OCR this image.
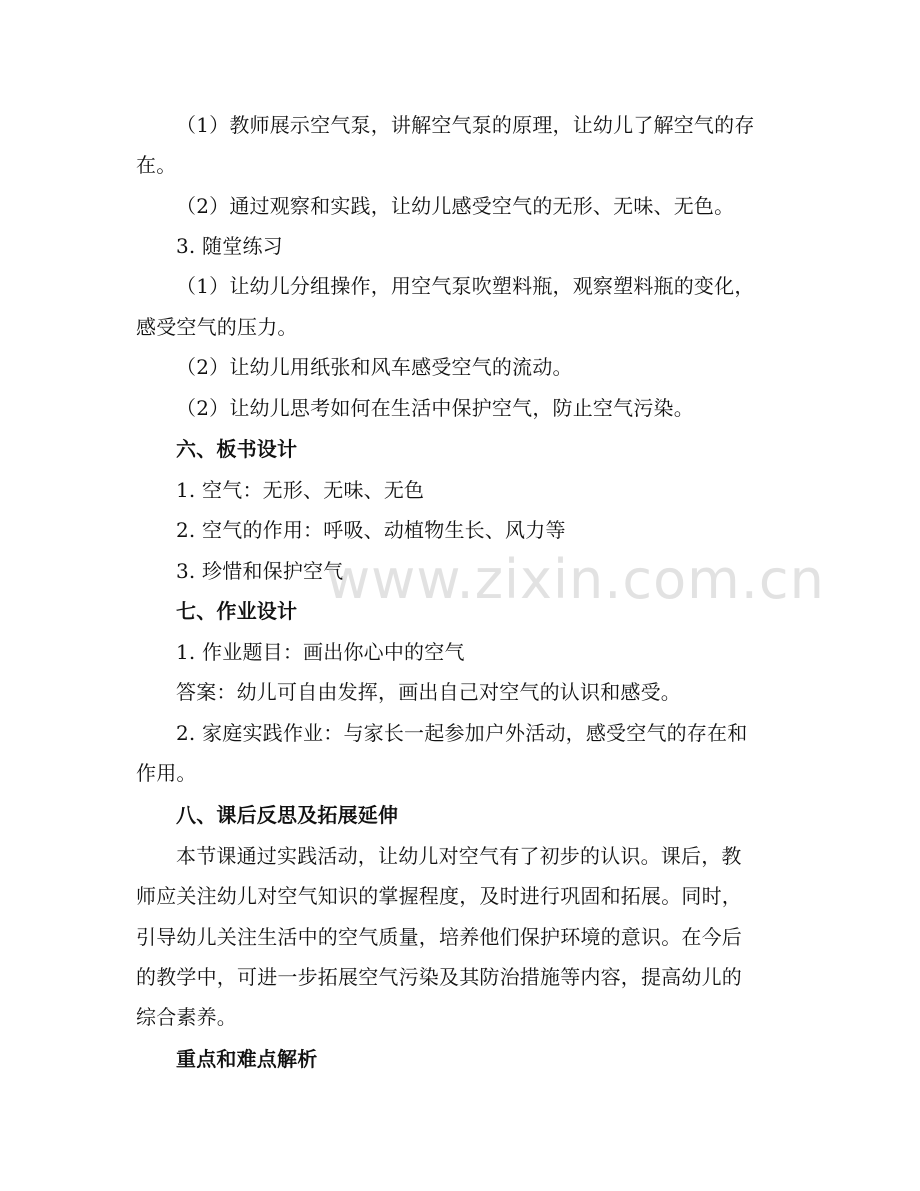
（1）教师展示空气泵，讲解空气泵的原理，让幼儿了解空气的存
在。
（2）通过观察和实践，让幼儿感受空气的无形、无味、无色。
3. 随堂练习
（1）让幼儿分组操作，用空气泵吹塑料瓶，观察塑料瓶的变化，
感受空气的压力。
（2）让幼儿用纸张和风车感受空气的流动。
（2）让幼儿思考如何在生活中保护空气，防止空气污染。
六、板书设计
1. 空气：无形、无味、无色
2. 空气的作用：呼吸、动植物生长、风力等
3. 珍惜和保护空气
七、作业设计
1. 作业题目：画出你心中的空气
答案：幼儿可自由发挥，画出自己对空气的认识和感受。
2. 家庭实践作业：与家长一起参加户外活动，感受空气的存在和
作用。
八、课后反思及拓展延伸
本节课通过实践活动，让幼儿对空气有了初步的认识。课后，教
师应关注幼儿对空气知识的掌握程度，及时进行巩固和拓展。同时，
引导幼儿关注生活中的空气质量，培养他们保护环境的意识。在今后
的教学中，可进一步拓展空气污染及其防治措施等内容，提高幼儿的
综合素养。
重点和难点解析
www.zixin.com.cn
